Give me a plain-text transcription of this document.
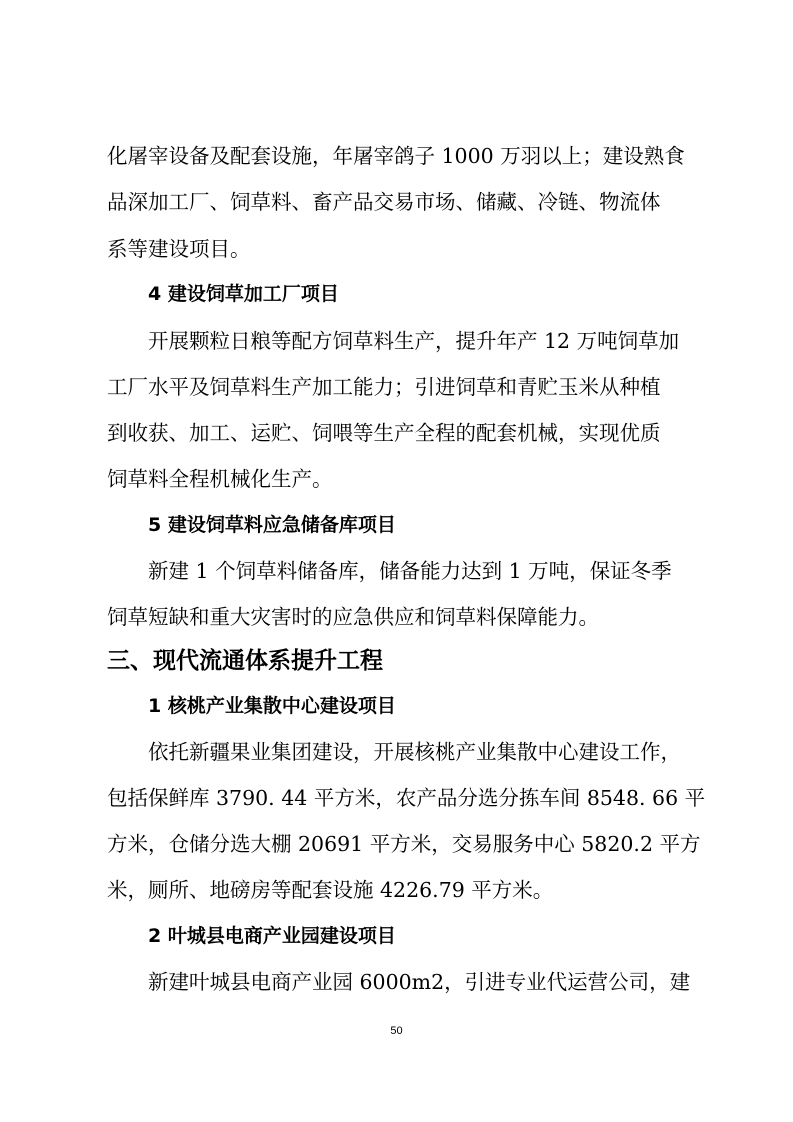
化屠宰设备及配套设施，年屠宰鸽子 1000 万羽以上；建设熟食
品深加工厂、饲草料、畜产品交易市场、储藏、冷链、物流体
系等建设项目。
4 建设饲草加工厂项目
开展颗粒日粮等配方饲草料生产，提升年产 12 万吨饲草加
工厂水平及饲草料生产加工能力；引进饲草和青贮玉米从种植
到收获、加工、运贮、饲喂等生产全程的配套机械，实现优质
饲草料全程机械化生产。
5 建设饲草料应急储备库项目
新建 1 个饲草料储备库，储备能力达到 1 万吨，保证冬季
饲草短缺和重大灾害时的应急供应和饲草料保障能力。
三、现代流通体系提升工程
1 核桃产业集散中心建设项目
依托新疆果业集团建设，开展核桃产业集散中心建设工作，
包括保鲜库 3790. 44 平方米，农产品分选分拣车间 8548. 66 平
方米，仓储分选大棚 20691 平方米，交易服务中心 5820.2 平方
米，厕所、地磅房等配套设施 4226.79 平方米。
2 叶城县电商产业园建设项目
新建叶城县电商产业园 6000m2，引进专业代运营公司，建
50
